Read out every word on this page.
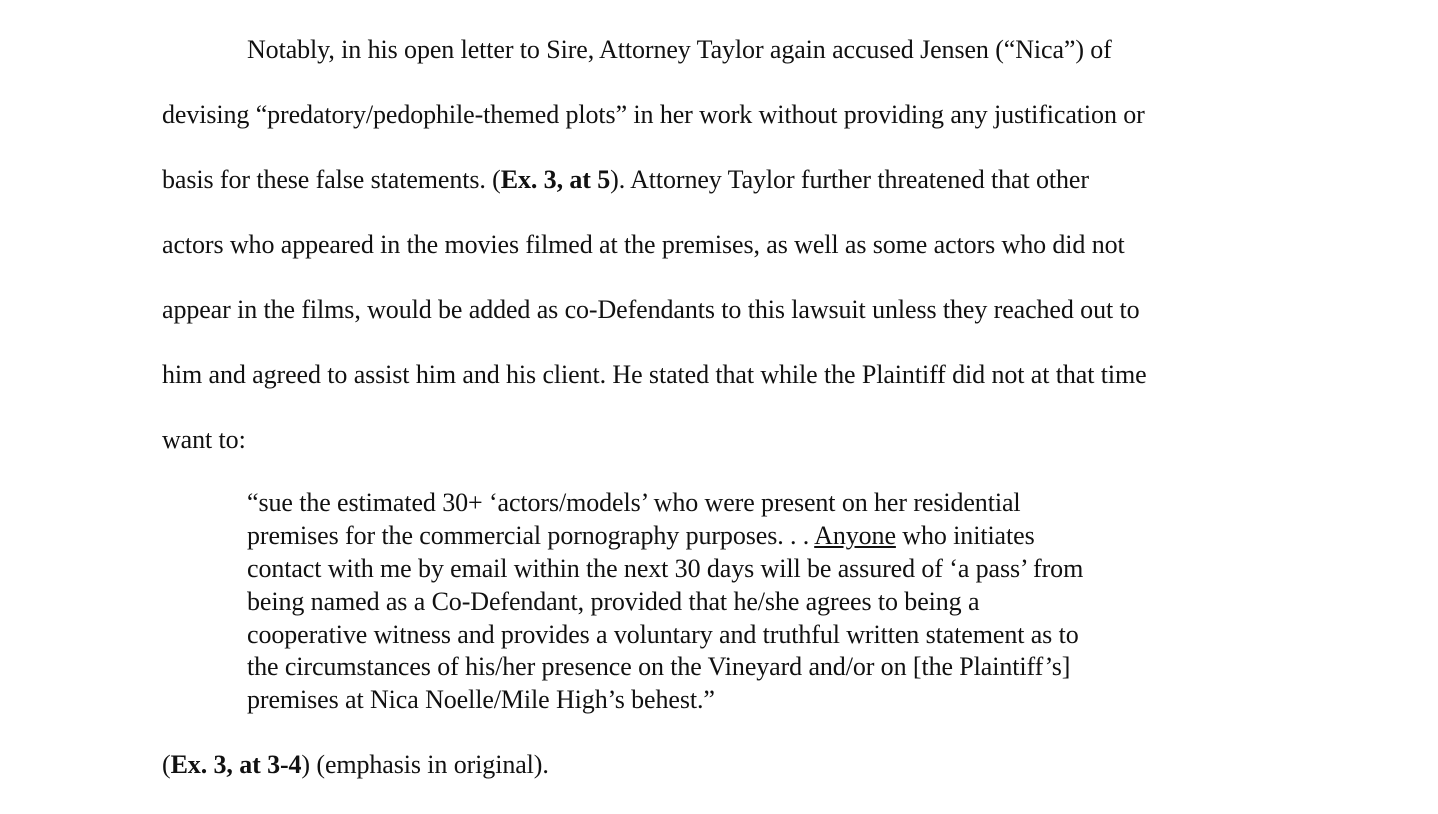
Notably, in his open letter to Sire, Attorney Taylor again accused Jensen (“Nica”) of
devising “predatory/pedophile-themed plots” in her work without providing any justification or
basis for these false statements. (Ex. 3, at 5). Attorney Taylor further threatened that other
actors who appeared in the movies filmed at the premises, as well as some actors who did not
appear in the films, would be added as co-Defendants to this lawsuit unless they reached out to
him and agreed to assist him and his client. He stated that while the Plaintiff did not at that time
want to:
“sue the estimated 30+ ‘actors/models’ who were present on her residential
premises for the commercial pornography purposes. . . Anyone who initiates
contact with me by email within the next 30 days will be assured of ‘a pass’ from
being named as a Co-Defendant, provided that he/she agrees to being a
cooperative witness and provides a voluntary and truthful written statement as to
the circumstances of his/her presence on the Vineyard and/or on [the Plaintiff’s]
premises at Nica Noelle/Mile High’s behest.”
(Ex. 3, at 3-4) (emphasis in original).
